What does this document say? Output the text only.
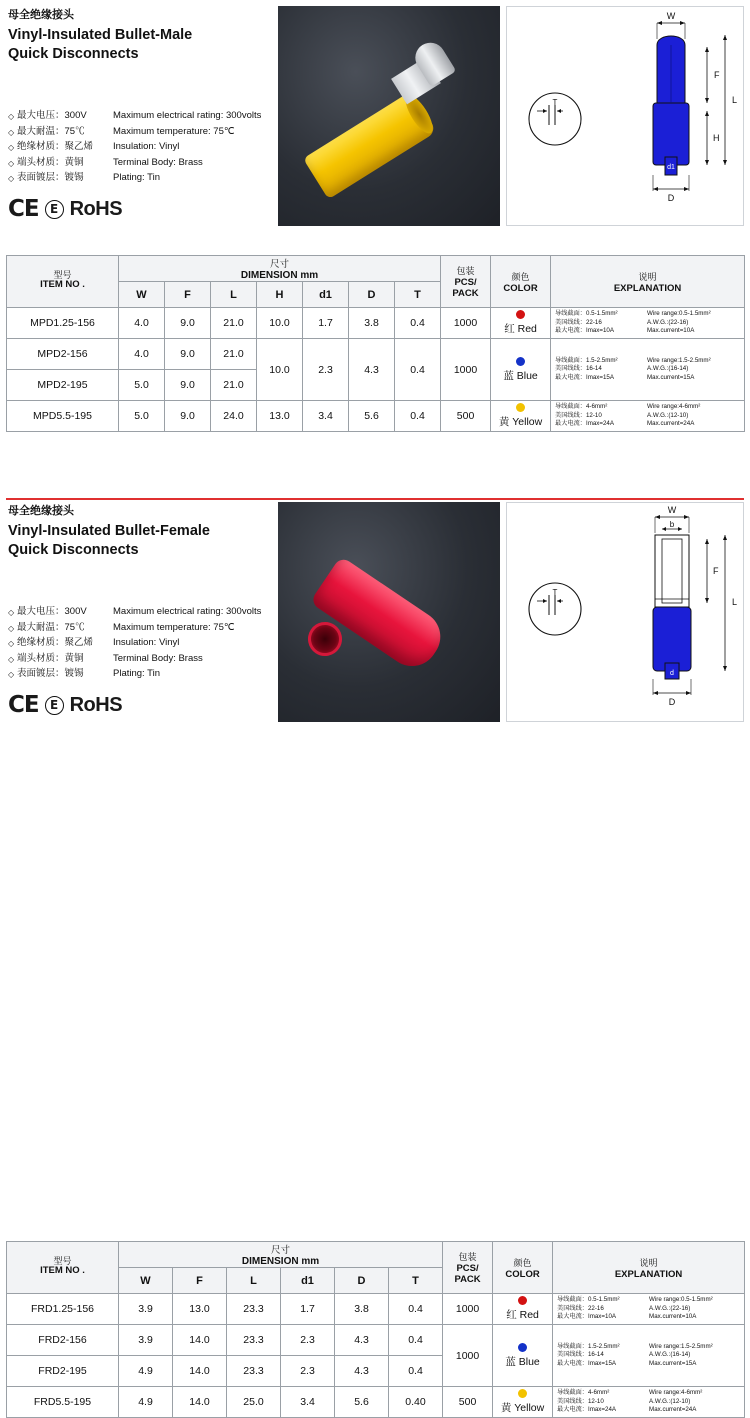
母全绝缘接头
Vinyl-Insulated Bullet-Male
Quick Disconnects
◇ 最大电压：300V	Maximum electrical rating: 300volts
◇ 最大耐温：75℃	Maximum temperature: 75℃
◇ 绝缘材质：聚乙烯	Insulation: Vinyl
◇ 端头材质：黄铜	Terminal Body: Brass
◇ 表面镀层：镀锡	Plating: Tin
CE E RoHS
T
W
F
L
H
d1
D
型号
ITEM NO .	尺寸
DIMENSION mm							包装
PCS/
PACK	颜色
COLOR	说明
EXPLANATION

	W	F	L	H	d1	D	T			
MPD1.25-156	4.0	9.0	21.0	10.0	1.7	3.8	0.4	1000	红 Red	
导线截面：0.5-1.5mm²
美国线线：22-16
最大电流：Imax=10A
Wire range:0.5-1.5mm²
A.W.G.:(22-16)
Max.current=10A

MPD2-156	4.0	9.0	21.0	10.0	2.3	4.3	0.4	1000	蓝 Blue	
导线截面：1.5-2.5mm²
美国线线：16-14
最大电流：Imax=15A
Wire range:1.5-2.5mm²
A.W.G.:(16-14)
Max.current=15A

MPD2-195	5.0	9.0	21.0							
MPD5.5-195	5.0	9.0	24.0	13.0	3.4	5.6	0.4	500	黄 Yellow	
导线截面：4-6mm²
美国线线：12-10
最大电流：Imax=24A
Wire range:4-6mm²
A.W.G.:(12-10)
Max.current=24A
母全绝缘接头
Vinyl-Insulated Bullet-Female
Quick Disconnects
◇ 最大电压：300V	Maximum electrical rating: 300volts
◇ 最大耐温：75℃	Maximum temperature: 75℃
◇ 绝缘材质：聚乙烯	Insulation: Vinyl
◇ 端头材质：黄铜	Terminal Body: Brass
◇ 表面镀层：镀锡	Plating: Tin
CE E RoHS
T
W
b
F
L
d
D
型号
ITEM NO .	尺寸
DIMENSION mm						包装
PCS/
PACK	颜色
COLOR	说明
EXPLANATION

	W	F	L	d1	D	T			
FRD1.25-156	3.9	13.0	23.3	1.7	3.8	0.4	1000	红 Red	
导线截面：0.5-1.5mm²
美国线线：22-16
最大电流：Imax=10A
Wire range:0.5-1.5mm²
A.W.G.:(22-16)
Max.current=10A

FRD2-156	3.9	14.0	23.3	2.3	4.3	0.4	1000	蓝 Blue	
导线截面：1.5-2.5mm²
美国线线：16-14
最大电流：Imax=15A
Wire range:1.5-2.5mm²
A.W.G.:(16-14)
Max.current=15A

FRD2-195	4.9	14.0	23.3	2.3	4.3	0.4			
FRD5.5-195	4.9	14.0	25.0	3.4	5.6	0.40	500	黄 Yellow	
导线截面：4-6mm²
美国线线：12-10
最大电流：Imax=24A
Wire range:4-6mm²
A.W.G.:(12-10)
Max.current=24A
